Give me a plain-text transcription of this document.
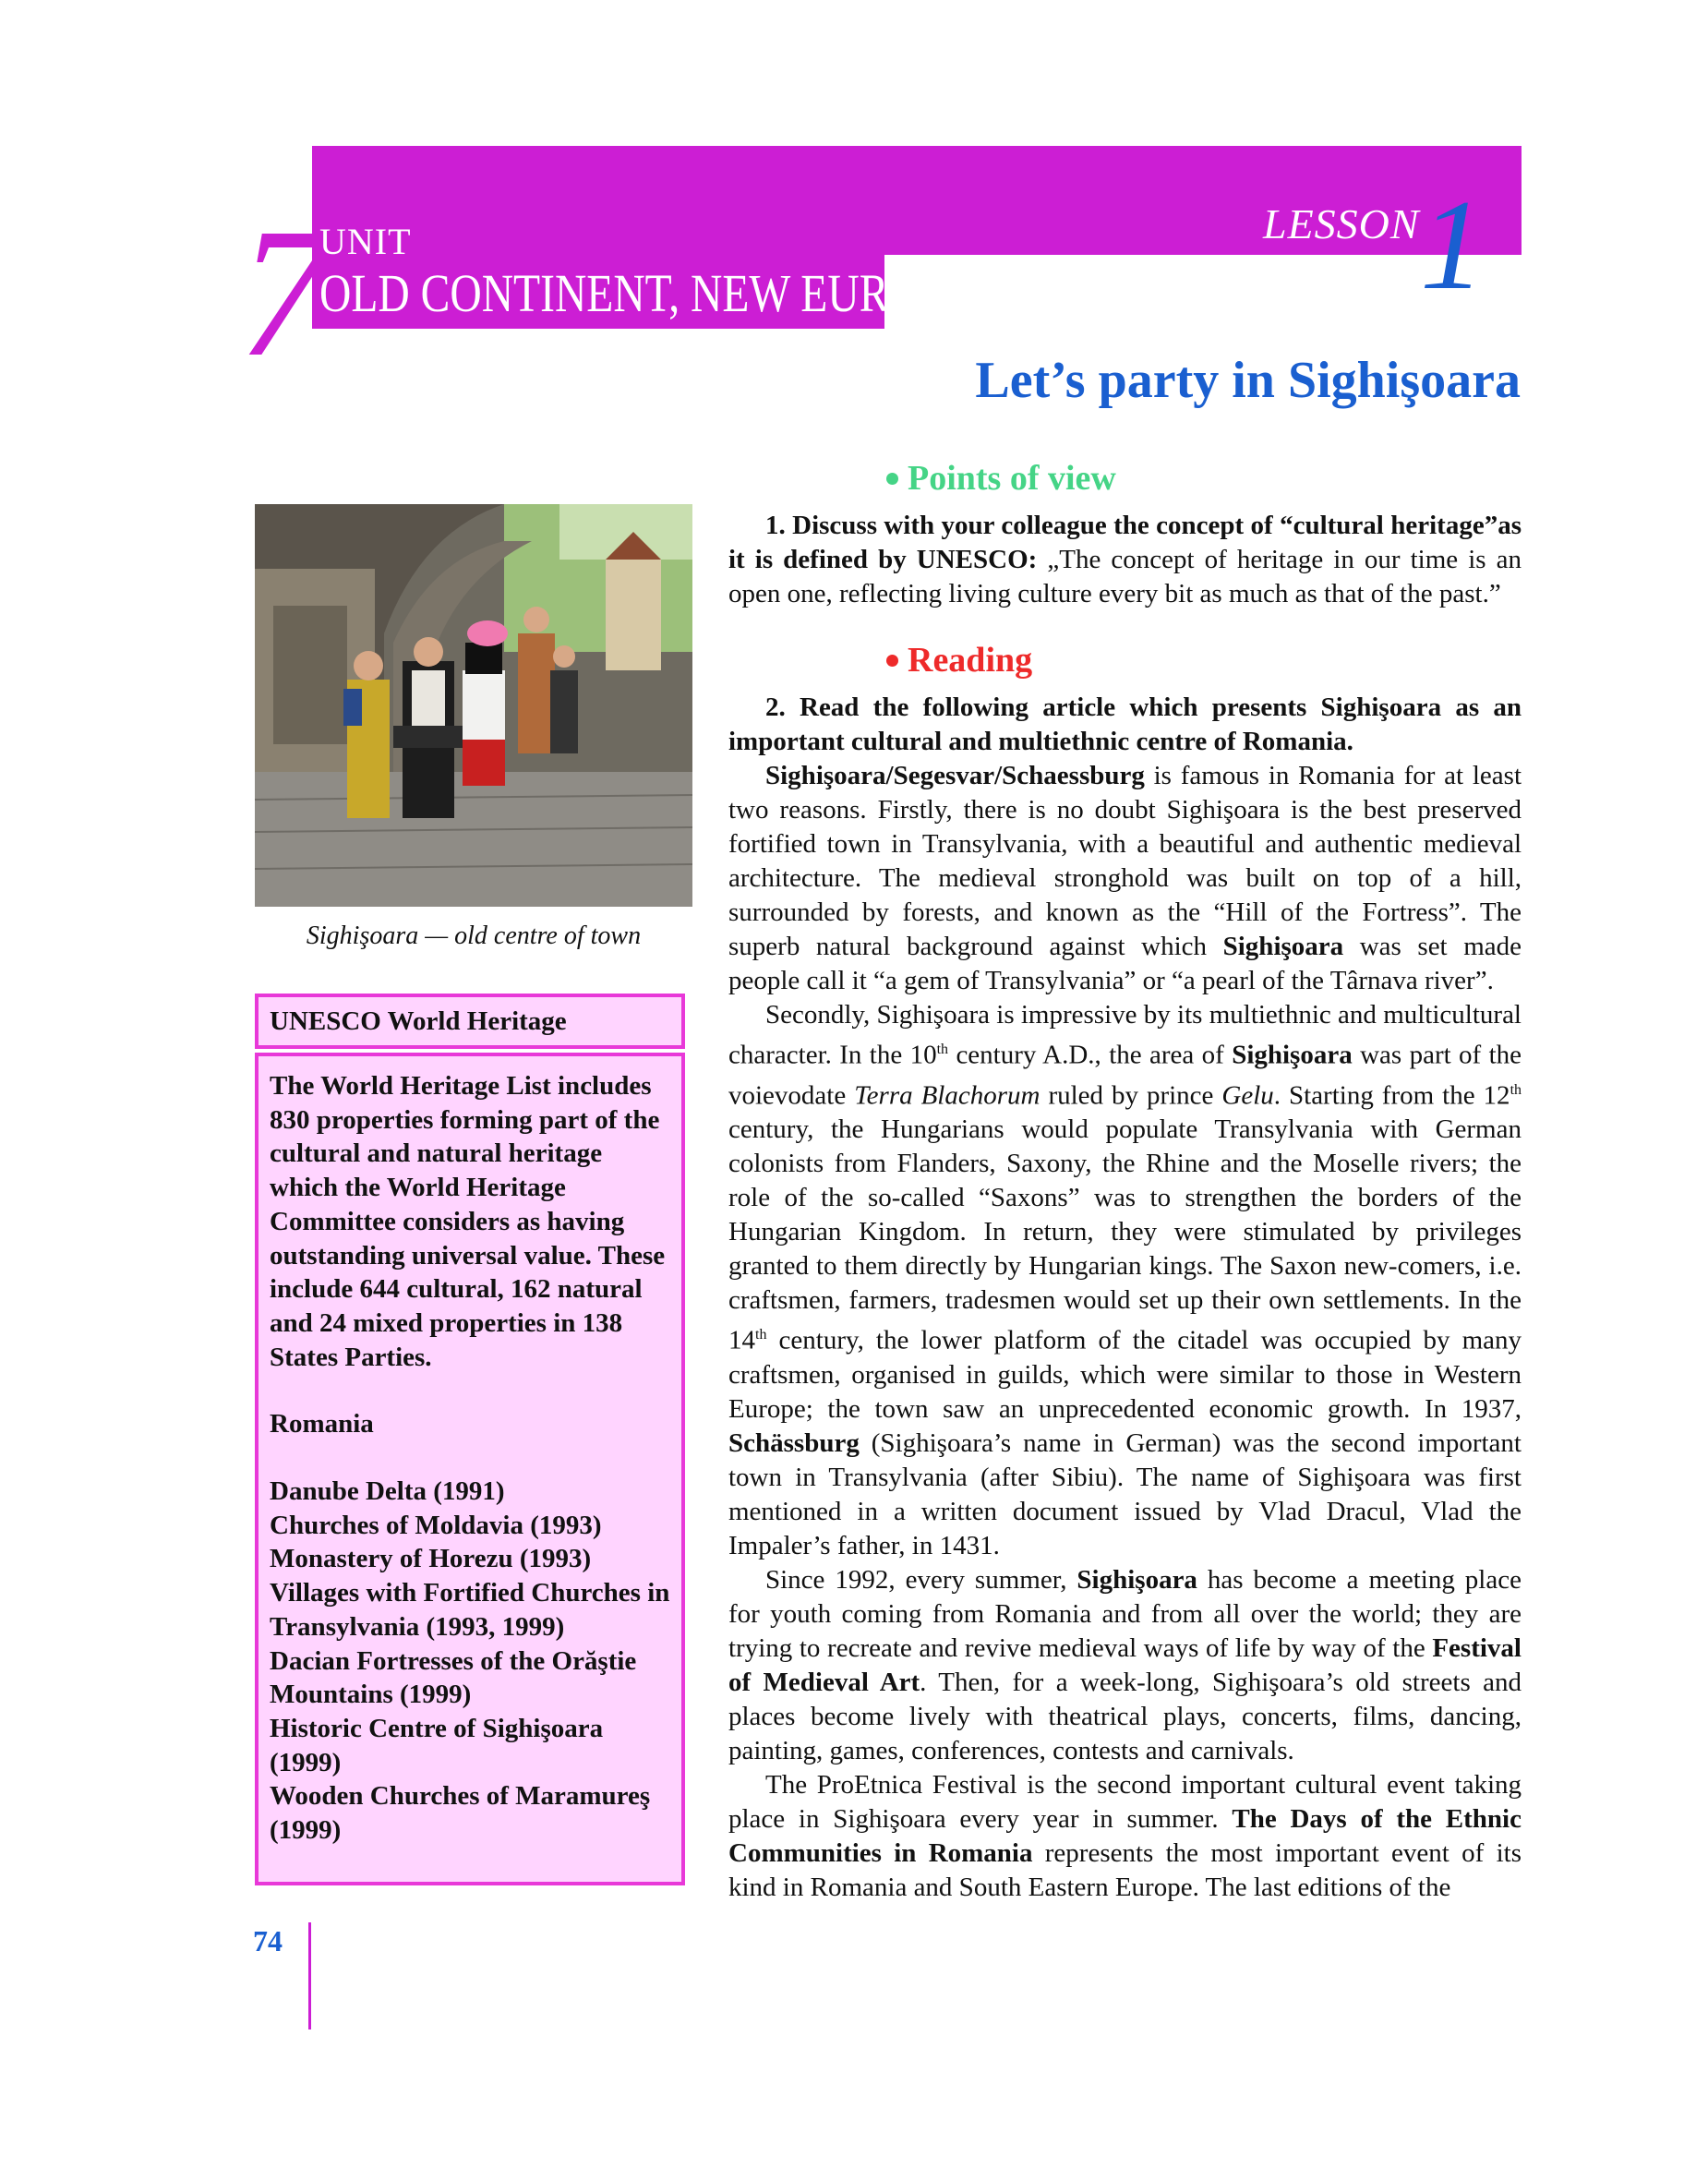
7
UNIT
OLD CONTINENT, NEW EUROPE
LESSON 1
Let’s party in Sighişoara
Sighişoara — old centre of town
UNESCO World Heritage

The World Heritage List includes 830 properties forming part of the cultural and natural heritage which the World Heritage Committee considers as having outstanding universal value. These include 644 cultural, 162 natural and 24 mixed properties in 138 States Parties.

Romania

Danube Delta (1991)

Churches of Moldavia (1993)

Monastery of Horezu (1993)

Villages with Fortified Churches in Transylvania (1993, 1999)

Dacian Fortresses of the Orăştie Mountains (1999)

Historic Centre of Sighişoara (1999)

Wooden Churches of Maramureş (1999)

Points of view

1. Discuss with your colleague the concept of “cultural heritage”as it is defined by UNESCO: „The concept of heritage in our time is an open one, reflecting living culture every bit as much as that of the past.”

Reading

2. Read the following article which presents Sighişoara as an important cultural and multiethnic centre of Romania.

Sighişoara/Segesvar/Schaessburg is famous in Romania for at least two reasons. Firstly, there is no doubt Sighişoara is the best preserved fortified town in Transylvania, with a beautiful and authentic medieval architecture. The medieval stronghold was built on top of a hill, surrounded by forests, and known as the “Hill of the Fortress”. The superb natural background against which Sighişoara was set made people call it “a gem of Transylvania” or “a pearl of the Târnava river”.

Secondly, Sighişoara is impressive by its multiethnic and multicultural character. In the 10th century A.D., the area of Sighişoara was part of the voievodate Terra Blachorum ruled by prince Gelu. Starting from the 12th century, the Hungarians would populate Transylvania with German colonists from Flanders, Saxony, the Rhine and the Moselle rivers; the role of the so-called “Saxons” was to strengthen the borders of the Hungarian Kingdom. In return, they were stimulated by privileges granted to them directly by Hungarian kings. The Saxon new-comers, i.e. craftsmen, farmers, tradesmen would set up their own settlements. In the 14th century, the lower platform of the citadel was occupied by many craftsmen, organised in guilds, which were similar to those in Western Europe; the town saw an unprecedented economic growth. In 1937, Schässburg (Sighişoara’s name in German) was the second important town in Transylvania (after Sibiu). The name of Sighişoara was first mentioned in a written document issued by Vlad Dracul, Vlad the Impaler’s father, in 1431.

Since 1992, every summer, Sighişoara has become a meeting place for youth coming from Romania and from all over the world; they are trying to recreate and revive medieval ways of life by way of the Festival of Medieval Art. Then, for a week-long, Sighişoara’s old streets and places become lively with theatrical plays, concerts, films, dancing, painting, games, conferences, contests and carnivals.

The ProEtnica Festival is the second important cultural event taking place in Sighişoara every year in summer. The Days of the Ethnic Communities in Romania represents the most important event of its kind in Romania and South Eastern Europe. The last editions of the

74
